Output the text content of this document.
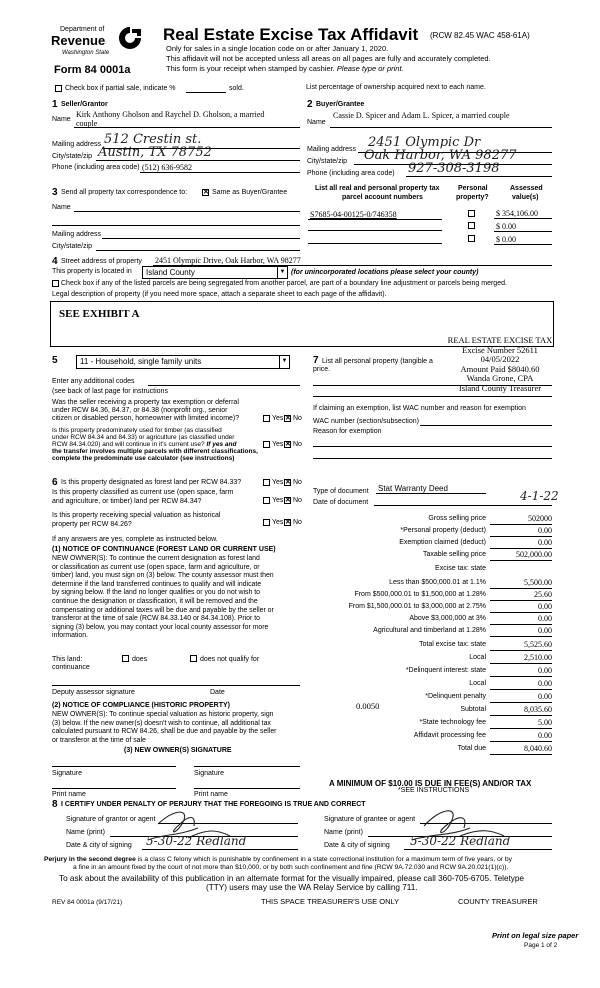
Department of
Revenue
Washington State
Form 84 0001a
Real Estate Excise Tax Affidavit (RCW 82.45 WAC 458-61A)
Only for sales in a single location code on or after January 1, 2020.
This affidavit will not be accepted unless all areas on all pages are fully and accurately completed.
This form is your receipt when stamped by cashier. Please type or print.
Check box if partial sale, indicate %	sold.	List percentage of ownership acquired next to each name.
1 Seller/Grantor
Name
Kirk Anthony Gholson and Raychel D. Gholson, a married
couple
Mailing address 512 Crestin st.
City/state/zip Austin, TX 78752
Phone (including area code) (512) 636-9582
2 Buyer/Grantee
Name
Cassie D. Spicer and Adam L. Spicer, a married couple
Mailing address 2451 Olympic Dr
City/state/zip Oak Harbor, WA 98277
Phone (including area code) 927-308-3198
3 Send all property tax correspondence to: ✕ Same as Buyer/Grantee
Name
Mailing address
City/state/zip
List all real and personal property tax
parcel account numbers
Personal
property?
Assessed
value(s)
S7685-04-00125-0/746358	$ 354,106.00
$ 0.00
$ 0.00
4 Street address of property 2451 Olympic Drive, Oak Harbor, WA 98277
This property is located in	Island County	▼ (for unincorporated locations please select your county)
Check box if any of the listed parcels are being segregated from another parcel, are part of a boundary line adjustment or parcels being merged.
Legal description of property (if you need more space, attach a separate sheet to each page of the affidavit).
SEE EXHIBIT A
REAL ESTATE EXCISE TAX
Excise Number 52611
04/05/2022
Amount Paid $8040.60
Wanda Grone, CPA
Island County Treasurer
5	11 - Household, single family units	▼
Enter any additional codes
(see back of last page for instructions
Was the seller receiving a property tax exemption or deferral
under RCW 84.36, 84.37, or 84.38 (nonprofit org., senior
citizen or disabled person, homeowner with limited income)?	Yes ✕ No
Is this property predominately used for timber (as classified
under RCW 84.34 and 84.33) or agriculture (as classified under
RCW 84.34.020) and will continue in it's current use? If yes and
the transfer involves multiple parcels with different classifications,
complete the predominate use calculator (see instructions)
Yes ✕ No
7 List all personal property (tangible a
price.
If claiming an exemption, list WAC number and reason for exemption
WAC number (section/subsection)
Reason for exemption
6 Is this property designated as forest land per RCW 84.33?	Yes ✕ No
Is this property classified as current use (open space, farm
and agriculture, or timber) land per RCW 84.34?	Yes ✕ No
Is this property receiving special valuation as historical
property per RCW 84.26?	Yes ✕ No
If any answers are yes, complete as instructed below.
(1) NOTICE OF CONTINUANCE (FOREST LAND OR CURRENT USE)
NEW OWNER(S): To continue the current designation as forest land
or classification as current use (open space, farm and agriculture, or
timber) land, you must sign on (3) below. The county assessor must then
determine if the land transferred continues to qualify and will indicate
by signing below. If the land no longer qualifies or you do not wish to
continue the designation or classification, it will be removed and the
compensating or additional taxes will be due and payable by the seller or
transferor at the time of sale (RCW 84.33.140 or 84.34.108). Prior to
signing (3) below, you may contact your local county assessor for more
information.
This land:
continuance
does	does not qualify for
Deputy assessor signature	Date
(2) NOTICE OF COMPLIANCE (HISTORIC PROPERTY)
NEW OWNER(S): To continue special valuation as historic property, sign
(3) below. If the new owner(s) doesn't wish to continue, all additional tax
calculated pursuant to RCW 84.26, shall be due and payable by the seller
or transferor at the time of sale
(3) NEW OWNER(S) SIGNATURE
Signature	Signature
Print name	Print name
Type of document Stat Warranty Deed
Date of document	4-1-22
Gross selling price	502000
*Personal property (deduct)	0.00
Exemption claimed (deduct)	0.00
Taxable selling price	502,000.00
Excise tax: state
Less than $500,000.01 at 1.1%	5,500.00
From $500,000.01 to $1,500,000 at 1.28%	25.60
From $1,500,000.01 to $3,000,000 at 2.75%	0.00
Above $3,000,000 at 3%	0.00
Agricultural and timberland at 1.28%	0.00
Total excise tax: state	5,525.60
Local	2,510.00
*Delinquent interest: state	0.00
Local	0.00
*Delinquent penalty	0.00
Subtotal	8,035.60
*State technology fee	5.00
Affidavit processing fee	0.00
Total due	8,040.60
0.0050
A MINIMUM OF $10.00 IS DUE IN FEE(S) AND/OR TAX
*SEE INSTRUCTIONS
8 I CERTIFY UNDER PENALTY OF PERJURY THAT THE FOREGOING IS TRUE AND CORRECT
Signature of grantor or agent
Name (print)
Date & city of signing 5-30-22 Redland
Signature of grantee or agent
Name (print)
Date & city of signing 5-30-22 Redland
Perjury in the second degree is a class C felony which is punishable by confinement in a state correctional institution for a maximum term of five years, or by
a fine in an amount fixed by the court of not more than $10,000, or by both such confinement and fine (RCW 9A.72.030 and RCW 9A.20.021(1)(c)).
To ask about the availability of this publication in an alternate format for the visually impaired, please call 360-705-6705. Teletype
(TTY) users may use the WA Relay Service by calling 711.
REV 84 0001a (9/17/21)	THIS SPACE TREASURER'S USE ONLY	COUNTY TREASURER
Print on legal size paper
Page 1 of 2
